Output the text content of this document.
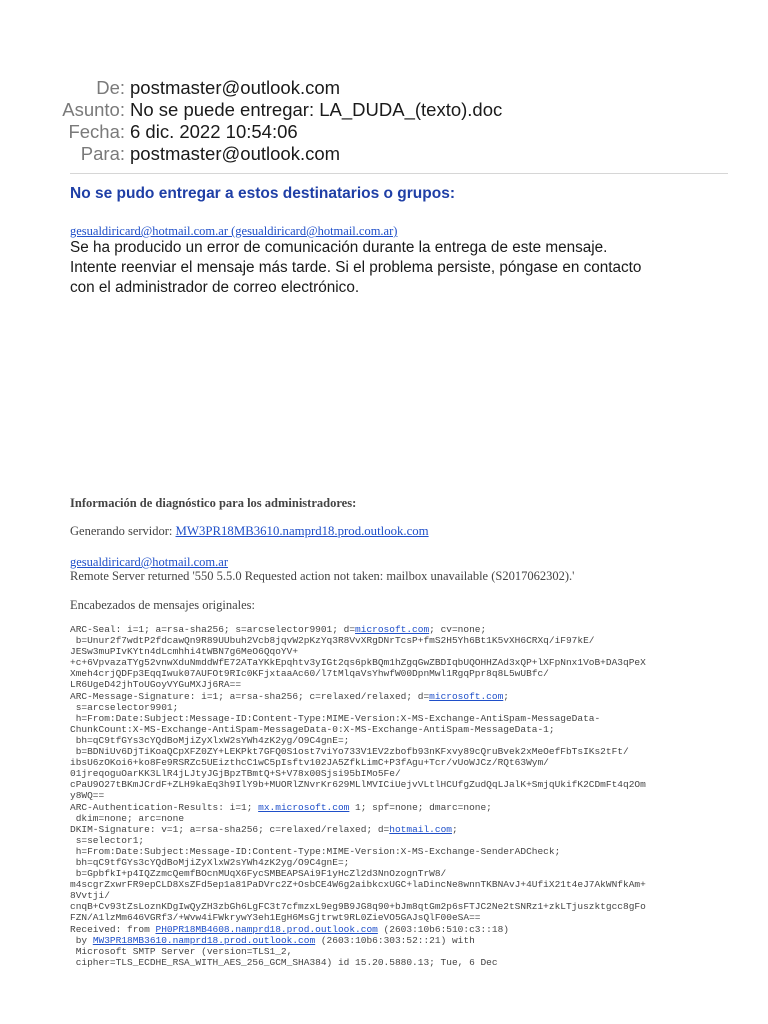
De: postmaster@outlook.com
Asunto: No se puede entregar: LA_DUDA_(texto).doc
Fecha: 6 dic. 2022 10:54:06
Para: postmaster@outlook.com
No se pudo entregar a estos destinatarios o grupos:
gesualdiricard@hotmail.com.ar (gesualdiricard@hotmail.com.ar)

Se ha producido un error de comunicación durante la entrega de este mensaje.
Intente reenviar el mensaje más tarde. Si el problema persiste, póngase en contacto
con el administrador de correo electrónico.

Información de diagnóstico para los administradores:
Generando servidor: MW3PR18MB3610.namprd18.prod.outlook.com
gesualdiricard@hotmail.com.ar
Remote Server returned '550 5.5.0 Requested action not taken: mailbox unavailable (S2017062302).'
Encabezados de mensajes originales:
ARC-Seal: i=1; a=rsa-sha256; s=arcselector9901; d=microsoft.com; cv=none;
b=Unur2f7wdtP2fdcawQn9R89UUbuh2Vcb8jqvW2pKzYq3R8VvXRgDNrTcsP+fmS2H5Yh6Bt1K5vXH6CRXq/iF97kE/
JESw3muPIvKYtn4dLcmhhi4tWBN7g6MeO6QqoYV+
+c+6VpvazaTYg52vnwXduNmddWfE72ATaYKkEpqhtv3yIGt2qs6pkBQm1hZgqGwZBDIqbUQOHHZAd3xQP+lXFpNnx1VoB+DA3qPeX
Xmeh4crjQDFp3EqqIwuk07AUFOt9RIc0KFjxtaaAc60/l7tMlqaVsYhwfW00DpnMwl1RgqPpr8q8L5wUBfc/
LR6UgeD42jhToUGoyVYGuMXJj6RA==
ARC-Message-Signature: i=1; a=rsa-sha256; c=relaxed/relaxed; d=microsoft.com;
s=arcselector9901;
h=From:Date:Subject:Message-ID:Content-Type:MIME-Version:X-MS-Exchange-AntiSpam-MessageData-
ChunkCount:X-MS-Exchange-AntiSpam-MessageData-0:X-MS-Exchange-AntiSpam-MessageData-1;
bh=qC9tfGYs3cYQdBoMjiZyXlxW2sYWh4zK2yg/O9C4gnE=;
b=BDNiUv6DjTiKoaQCpXFZ0ZY+LEKPkt7GFQ0S1ost7viYo733V1EV2zbofb93nKFxvy89cQruBvek2xMeOefFbTsIKs2tFt/
ibsU6zOKoi6+ko8Fe9RSRZc5UEizthcC1wC5pIsftv102JA5ZfkLimC+P3fAgu+Tcr/vUoWJCz/RQt63Wym/
01jreqoguOarKK3LlR4jLJtyJGjBpzTBmtQ+S+V78x00Sjsi95bIMo5Fe/
cPaU9O27tBKmJCrdF+ZLH9kaEq3h9IlY9b+MUORlZNvrKr629MLlMVICiUejvVLtlHCUfgZudQqLJalK+SmjqUkifK2CDmFt4q2Om
y8WQ==
ARC-Authentication-Results: i=1; mx.microsoft.com 1; spf=none; dmarc=none;
dkim=none; arc=none
DKIM-Signature: v=1; a=rsa-sha256; c=relaxed/relaxed; d=hotmail.com;
s=selector1;
h=From:Date:Subject:Message-ID:Content-Type:MIME-Version:X-MS-Exchange-SenderADCheck;
bh=qC9tfGYs3cYQdBoMjiZyXlxW2sYWh4zK2yg/O9C4gnE=;
b=GpbfkI+p4IQZzmcQemfBOcnMUqX6FycSMBEAPSAi9F1yHcZl2d3NnOzognTrW8/
m4scgrZxwrFR9epCLD8XsZFd5ep1a81PaDVrc2Z+OsbCE4W6g2aibkcxUGC+laDincNe8wnnTKBNAvJ+4UfiX21t4eJ7AkWNfkAm+
8Vvtji/
cnqB+Cv93tZsLoznKDgIwQyZH3zbGh6LgFC3t7cfmzxL9eg9B9JG8q90+bJm8qtGm2p6sFTJC2Ne2tSNRz1+zkLTjuszktgcc8gFo
FZN/A1lzMm646VGRf3/+Wvw4iFWkrywY3eh1EgH6MsGjtrwt9RL0ZieVO5GAJsQlF00eSA==
Received: from PH0PR18MB4608.namprd18.prod.outlook.com (2603:10b6:510:c3::18)
by MW3PR18MB3610.namprd18.prod.outlook.com (2603:10b6:303:52::21) with
Microsoft SMTP Server (version=TLS1_2,
cipher=TLS_ECDHE_RSA_WITH_AES_256_GCM_SHA384) id 15.20.5880.13; Tue, 6 Dec
